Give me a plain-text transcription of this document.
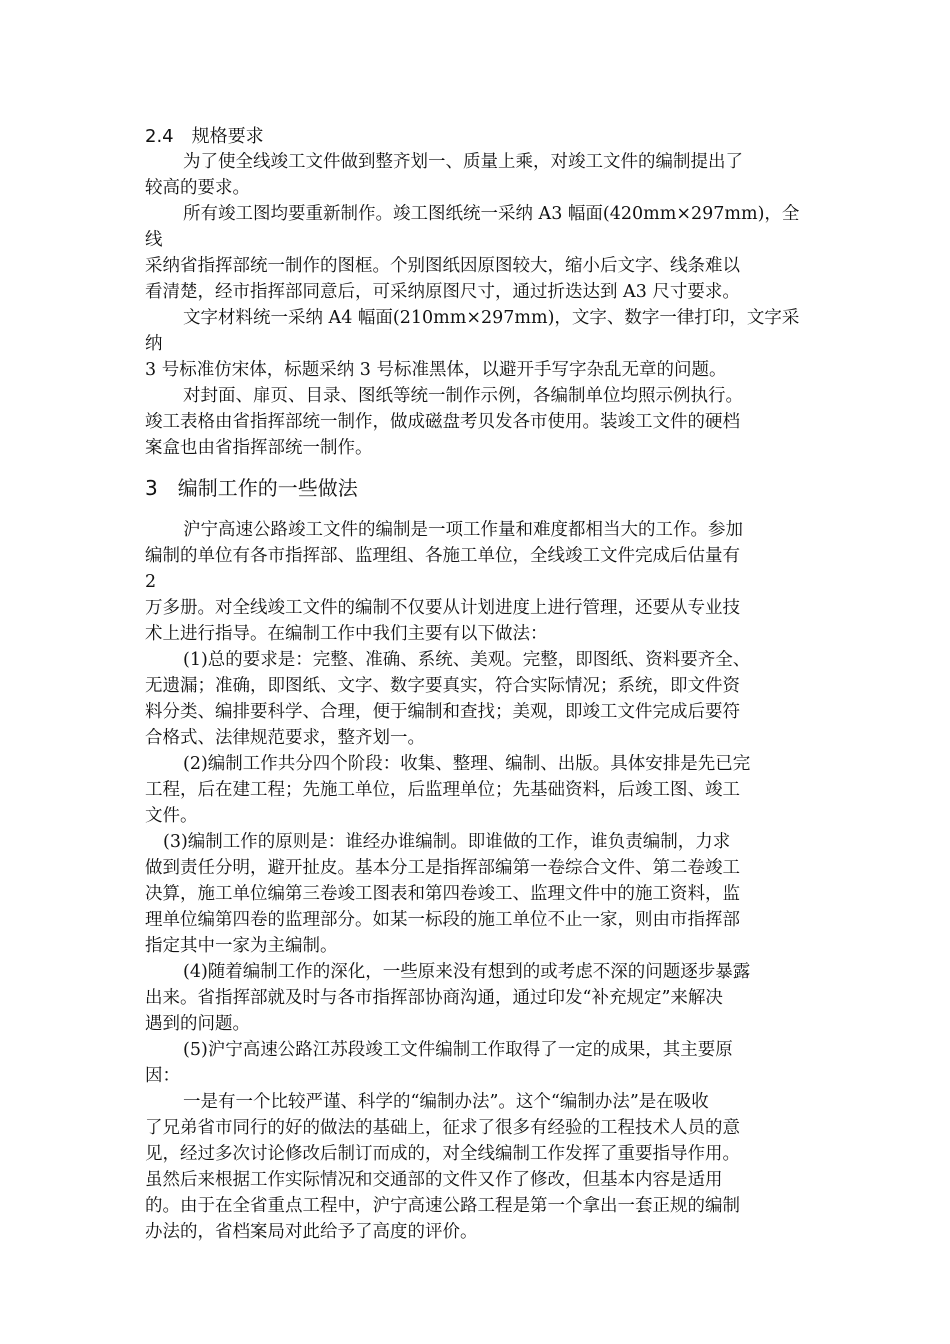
2.4　规格要求
为了使全线竣工文件做到整齐划一、质量上乘，对竣工文件的编制提出了
较高的要求。
所有竣工图均要重新制作。竣工图纸统一采纳 A3 幅面(420mm×297mm)，全
线
采纳省指挥部统一制作的图框。个别图纸因原图较大，缩小后文字、线条难以
看清楚，经市指挥部同意后，可采纳原图尺寸，通过折迭达到 A3 尺寸要求。
文字材料统一采纳 A4 幅面(210mm×297mm)，文字、数字一律打印，文字采
纳
3 号标准仿宋体，标题采纳 3 号标准黑体，以避开手写字杂乱无章的问题。
对封面、扉页、目录、图纸等统一制作示例，各编制单位均照示例执行。
竣工表格由省指挥部统一制作，做成磁盘考贝发各市使用。装竣工文件的硬档
案盒也由省指挥部统一制作。
3　编制工作的一些做法
沪宁高速公路竣工文件的编制是一项工作量和难度都相当大的工作。参加
编制的单位有各市指挥部、监理组、各施工单位，全线竣工文件完成后估量有
2
万多册。对全线竣工文件的编制不仅要从计划进度上进行管理，还要从专业技
术上进行指导。在编制工作中我们主要有以下做法：
(1)总的要求是：完整、准确、系统、美观。完整，即图纸、资料要齐全、
无遗漏；准确，即图纸、文字、数字要真实，符合实际情况；系统，即文件资
料分类、编排要科学、合理，便于编制和查找；美观，即竣工文件完成后要符
合格式、法律规范要求，整齐划一。
(2)编制工作共分四个阶段：收集、整理、编制、出版。具体安排是先已完
工程，后在建工程；先施工单位，后监理单位；先基础资料，后竣工图、竣工
文件。
(3)编制工作的原则是：谁经办谁编制。即谁做的工作，谁负责编制，力求
做到责任分明，避开扯皮。基本分工是指挥部编第一卷综合文件、第二卷竣工
决算，施工单位编第三卷竣工图表和第四卷竣工、监理文件中的施工资料，监
理单位编第四卷的监理部分。如某一标段的施工单位不止一家，则由市指挥部
指定其中一家为主编制。
(4)随着编制工作的深化，一些原来没有想到的或考虑不深的问题逐步暴露
出来。省指挥部就及时与各市指挥部协商沟通，通过印发“补充规定”来解决
遇到的问题。
(5)沪宁高速公路江苏段竣工文件编制工作取得了一定的成果，其主要原
因：
一是有一个比较严谨、科学的“编制办法”。这个“编制办法”是在吸收
了兄弟省市同行的好的做法的基础上，征求了很多有经验的工程技术人员的意
见，经过多次讨论修改后制订而成的，对全线编制工作发挥了重要指导作用。
虽然后来根据工作实际情况和交通部的文件又作了修改，但基本内容是适用
的。由于在全省重点工程中，沪宁高速公路工程是第一个拿出一套正规的编制
办法的，省档案局对此给予了高度的评价。
